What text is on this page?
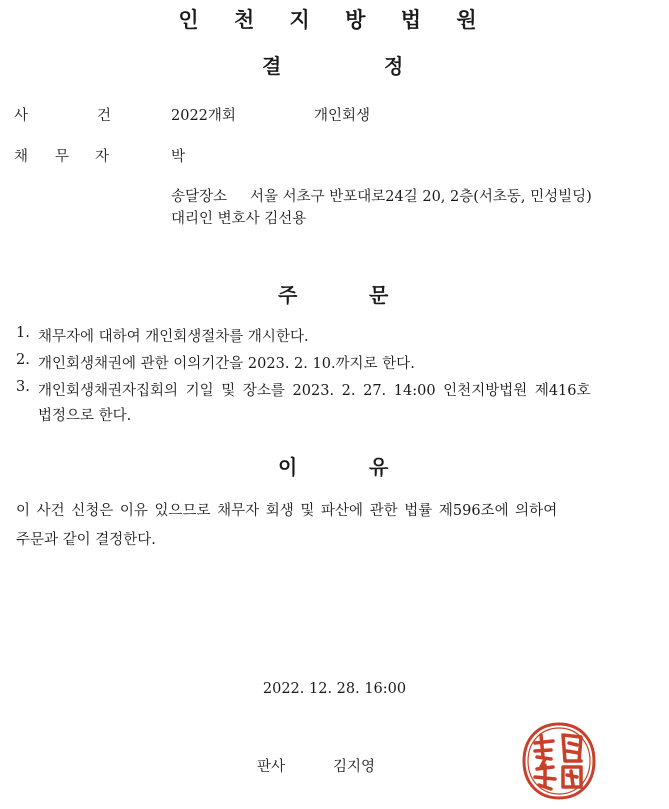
인 천 지 방 법 원
결	정
사	건	2022개회	개인회생
채 무 자	박
송달장소 서울 서초구 반포대로24길 20, 2층(서초동, 민성빌딩)
대리인 변호사 김선용
주	문
1. 채무자에 대하여 개인회생절차를 개시한다.
2. 개인회생채권에 관한 이의기간을 2023. 2. 10.까지로 한다.
3. 개인회생채권자집회의 기일 및 장소를 2023. 2. 27. 14:00 인천지방법원 제416호
법정으로 한다.
이	유
이 사건 신청은 이유 있으므로 채무자 회생 및 파산에 관한 법률 제596조에 의하여
주문과 같이 결정한다.
2022. 12. 28. 16:00
판사	김지영
